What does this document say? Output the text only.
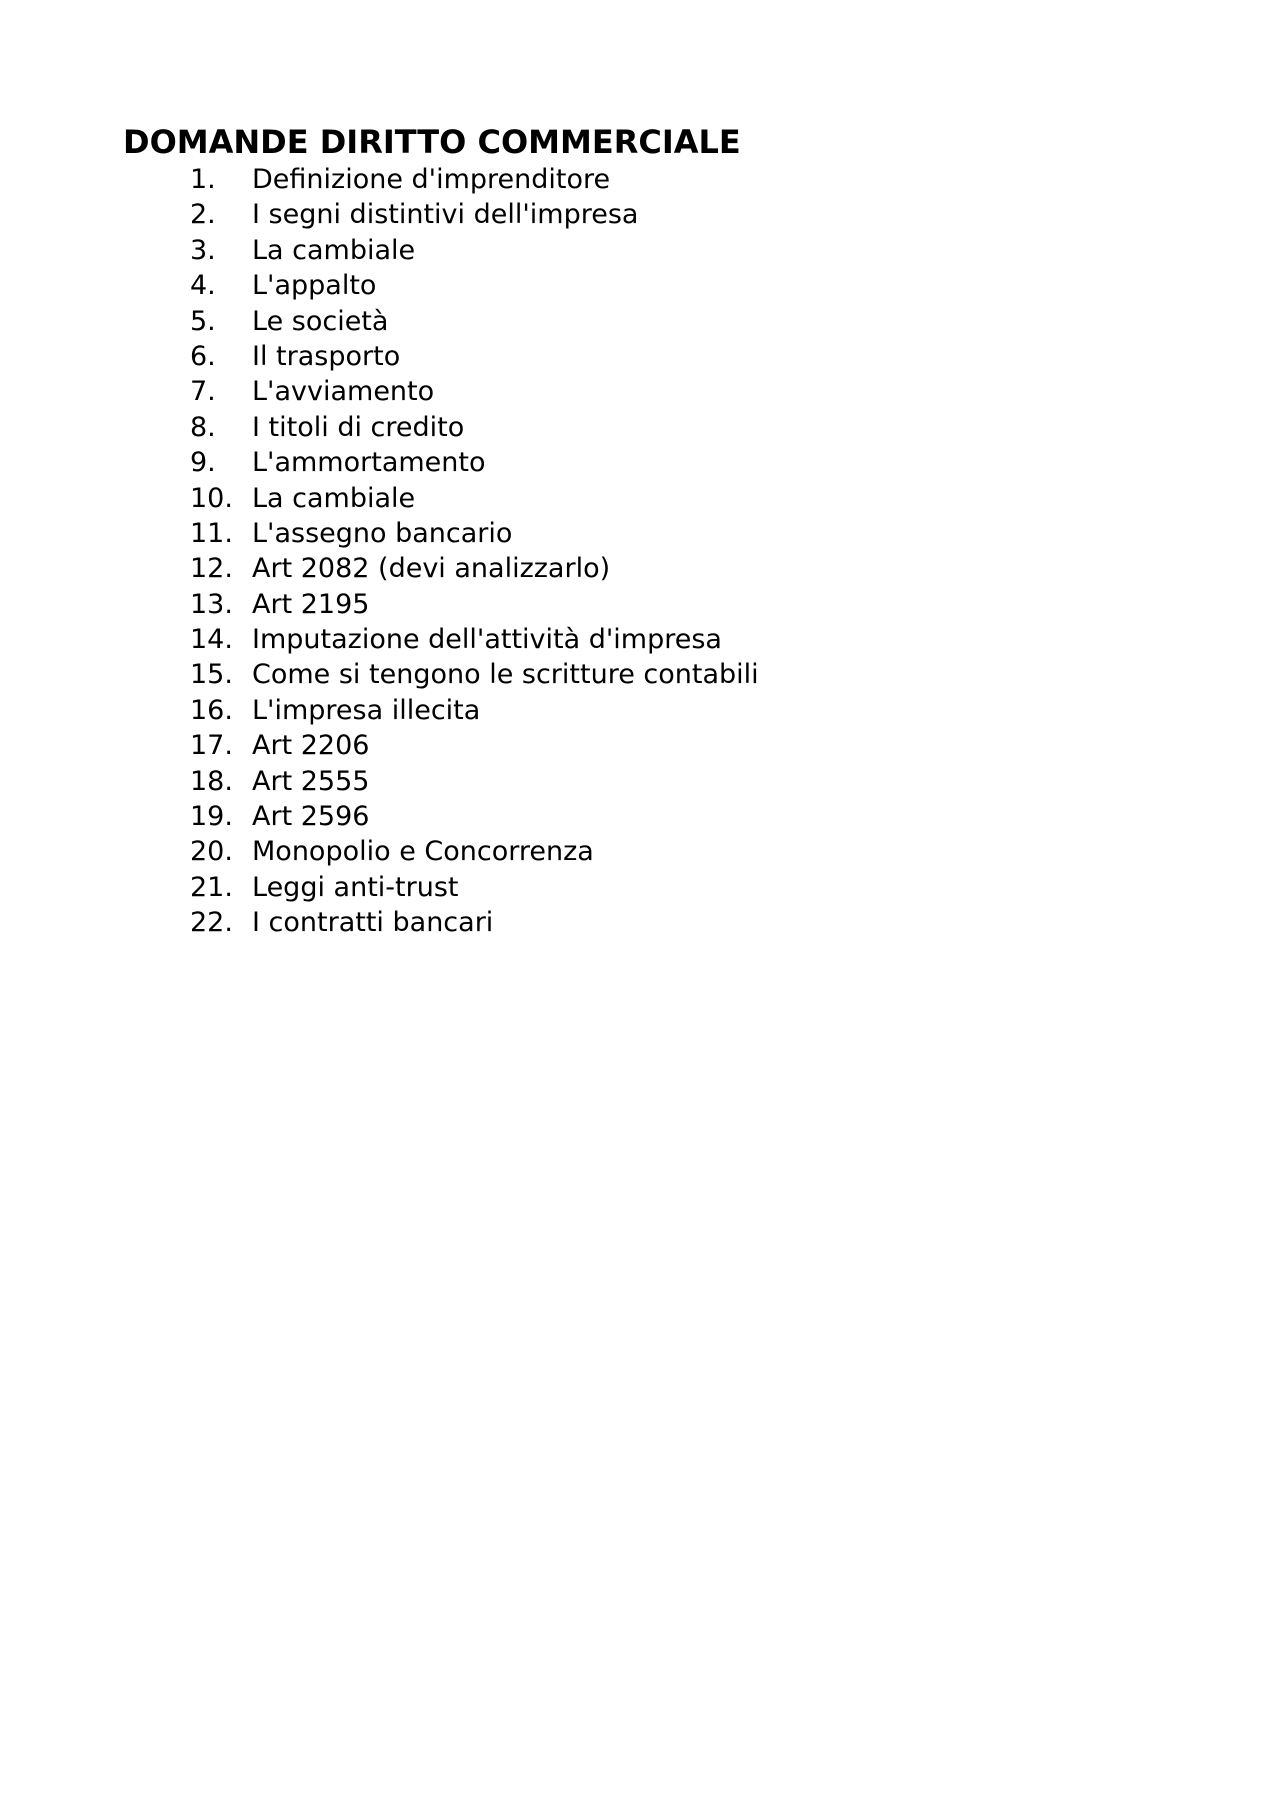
DOMANDE DIRITTO COMMERCIALE
1. Definizione d'imprenditore
2. I segni distintivi dell'impresa
3. La cambiale
4. L'appalto
5. Le società
6. Il trasporto
7. L'avviamento
8. I titoli di credito
9. L'ammortamento
10. La cambiale
11. L'assegno bancario
12. Art 2082 (devi analizzarlo)
13. Art 2195
14. Imputazione dell'attività d'impresa
15. Come si tengono le scritture contabili
16. L'impresa illecita
17. Art 2206
18. Art 2555
19. Art 2596
20. Monopolio e Concorrenza
21. Leggi anti-trust
22. I contratti bancari
